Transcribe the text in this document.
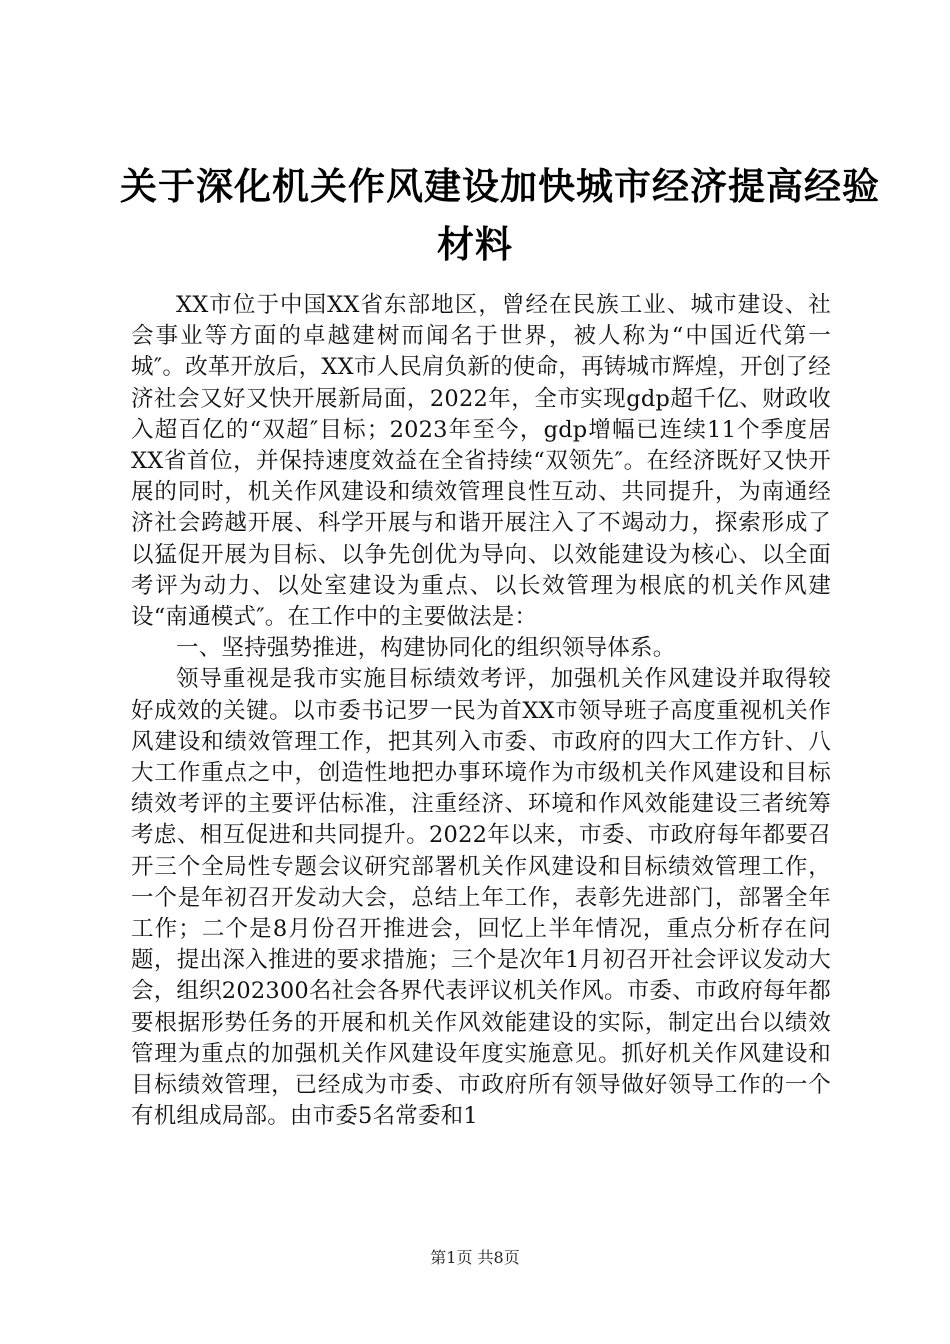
关于深化机关作风建设加快城市经济提高经验
材料

XX市位于中国XX省东部地区，曾经在民族工业、城市建设、社会事业等方面的卓越建树而闻名于世界，被人称为“中国近代第一城″。改革开放后，XX市人民肩负新的使命，再铸城市辉煌，开创了经济社会又好又快开展新局面，2022年，全市实现gdp超千亿、财政收入超百亿的“双超″目标；2023年至今，gdp增幅已连续11个季度居XX省首位，并保持速度效益在全省持续“双领先″。在经济既好又快开展的同时，机关作风建设和绩效管理良性互动、共同提升，为南通经济社会跨越开展、科学开展与和谐开展注入了不竭动力，探索形成了以猛促开展为目标、以争先创优为导向、以效能建设为核心、以全面考评为动力、以处室建设为重点、以长效管理为根底的机关作风建设“南通模式″。在工作中的主要做法是：

一、坚持强势推进，构建协同化的组织领导体系。

领导重视是我市实施目标绩效考评，加强机关作风建设并取得较好成效的关键。以市委书记罗一民为首XX市领导班子高度重视机关作风建设和绩效管理工作，把其列入市委、市政府的四大工作方针、八大工作重点之中，创造性地把办事环境作为市级机关作风建设和目标绩效考评的主要评估标准，注重经济、环境和作风效能建设三者统筹考虑、相互促进和共同提升。2022年以来，市委、市政府每年都要召开三个全局性专题会议研究部署机关作风建设和目标绩效管理工作，一个是年初召开发动大会，总结上年工作，表彰先进部门，部署全年工作；二个是8月份召开推进会，回忆上半年情况，重点分析存在问题，提出深入推进的要求措施；三个是次年1月初召开社会评议发动大会，组织202300名社会各界代表评议机关作风。市委、市政府每年都要根据形势任务的开展和机关作风效能建设的实际，制定出台以绩效管理为重点的加强机关作风建设年度实施意见。抓好机关作风建设和目标绩效管理，已经成为市委、市政府所有领导做好领导工作的一个有机组成局部。由市委5名常委和1

第1页 共8页
